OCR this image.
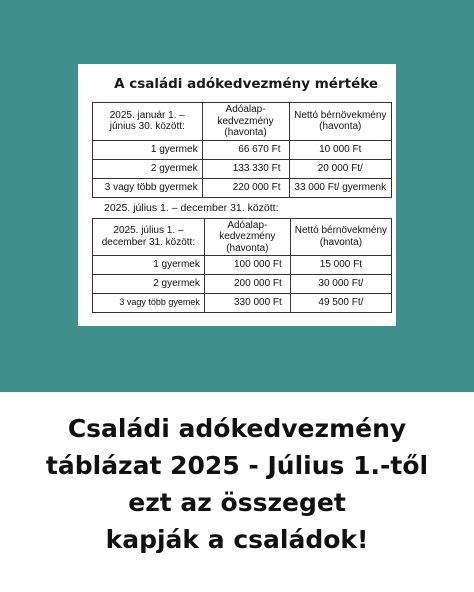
A családi adókedvezmény mértéke
2025. január 1. – június 30. között:	Adóalap-kedvezmény (havonta)	Nettó bérnövekmény (havonta)
1 gyermek	66 670 Ft	10 000 Ft
2 gyermek	133 330 Ft	20 000 Ft/
3 vagy több gyermek	220 000 Ft	33 000 Ft/ gyermenk
2025. július 1. – december 31. között:
2025. július 1. – december 31. között:	Adóalap-kedvezmény (havonta)	Nettó bérnövekmény (havonta)
1 gyermek	100 000 Ft	15 000 Ft
2 gyermek	200 000 Ft	30 000 Ft/
3 vagy több gyemek	330 000 Ft	49 500 Ft/
Családi adókedvezmény
táblázat 2025 - Július 1.-től
ezt az összeget
kapják a családok!
